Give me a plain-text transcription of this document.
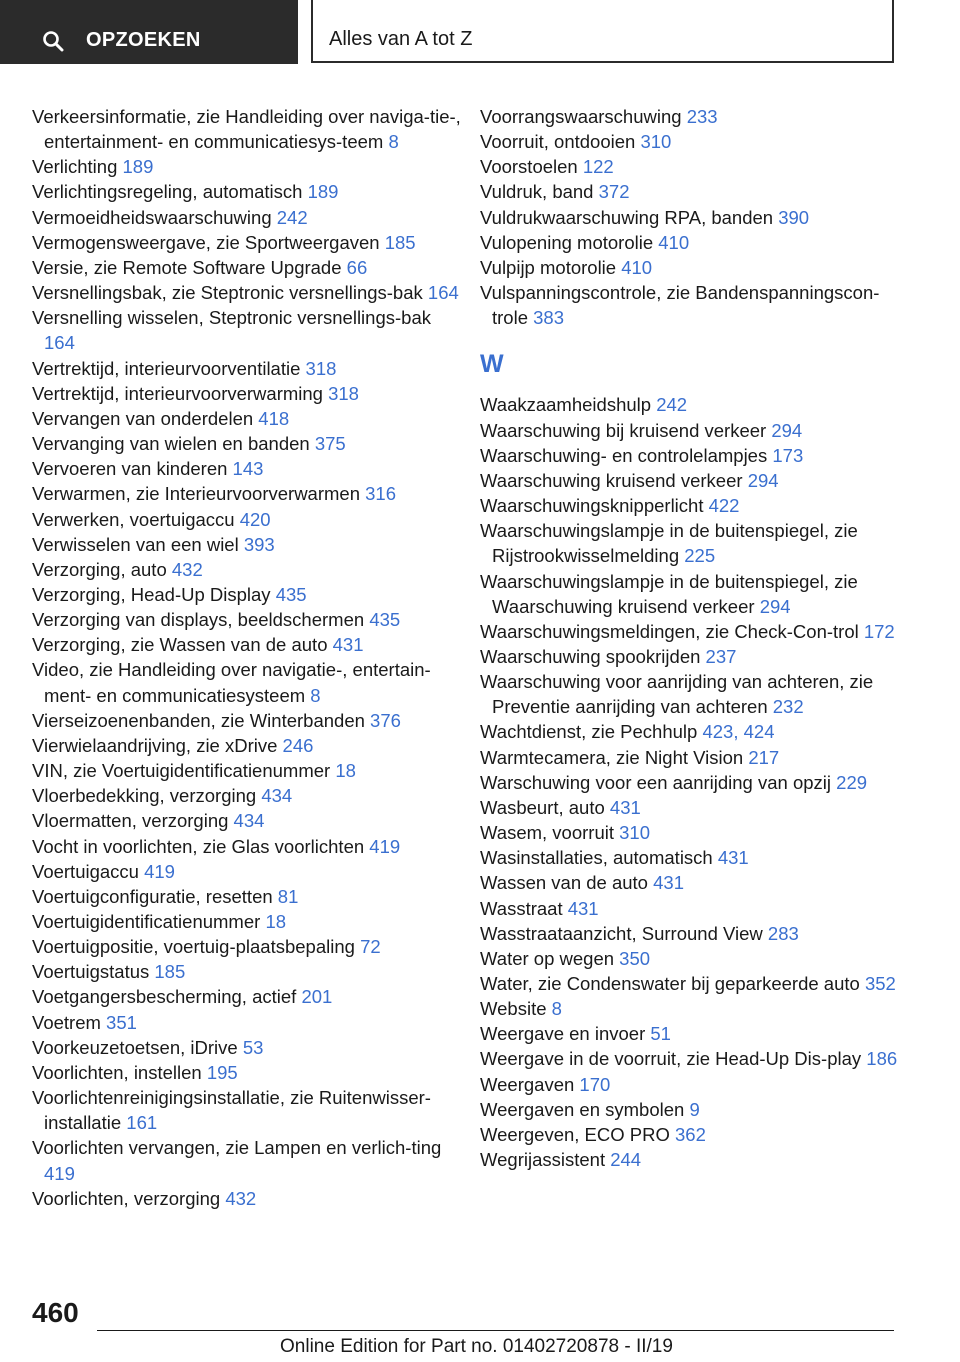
OPZOEKEN	Alles van A tot Z
Verkeersinformatie, zie Handleiding over naviga-tie-, entertainment- en communicatiesys-teem 8
Verlichting 189
Verlichtingsregeling, automatisch 189
Vermoeidheidswaarschuwing 242
Vermogensweergave, zie Sportweergaven 185
Versie, zie Remote Software Upgrade 66
Versnellingsbak, zie Steptronic versnellings-bak 164
Versnelling wisselen, Steptronic versnellings-bak 164
Vertrektijd, interieurvoorventilatie 318
Vertrektijd, interieurvoorverwarming 318
Vervangen van onderdelen 418
Vervanging van wielen en banden 375
Vervoeren van kinderen 143
Verwarmen, zie Interieurvoorverwarmen 316
Verwerken, voertuigaccu 420
Verwisselen van een wiel 393
Verzorging, auto 432
Verzorging, Head-Up Display 435
Verzorging van displays, beeldschermen 435
Verzorging, zie Wassen van de auto 431
Video, zie Handleiding over navigatie-, entertain-ment- en communicatiesysteem 8
Vierseizoenenbanden, zie Winterbanden 376
Vierwielaandrijving, zie xDrive 246
VIN, zie Voertuigidentificatienummer 18
Vloerbedekking, verzorging 434
Vloermatten, verzorging 434
Vocht in voorlichten, zie Glas voorlichten 419
Voertuigaccu 419
Voertuigconfiguratie, resetten 81
Voertuigidentificatienummer 18
Voertuigpositie, voertuig-plaatsbepaling 72
Voertuigstatus 185
Voetgangersbescherming, actief 201
Voetrem 351
Voorkeuzetoetsen, iDrive 53
Voorlichten, instellen 195
Voorlichtenreinigingsinstallatie, zie Ruitenwisser-installatie 161
Voorlichten vervangen, zie Lampen en verlich-ting 419
Voorlichten, verzorging 432
Voorrangswaarschuwing 233
Voorruit, ontdooien 310
Voorstoelen 122
Vuldruk, band 372
Vuldrukwaarschuwing RPA, banden 390
Vulopening motorolie 410
Vulpijp motorolie 410
Vulspanningscontrole, zie Bandenspanningscon-trole 383
W
Waakzaamheidshulp 242
Waarschuwing bij kruisend verkeer 294
Waarschuwing- en controlelampjes 173
Waarschuwing kruisend verkeer 294
Waarschuwingsknipperlicht 422
Waarschuwingslampje in de buitenspiegel, zie Rijstrookwisselmelding 225
Waarschuwingslampje in de buitenspiegel, zie Waarschuwing kruisend verkeer 294
Waarschuwingsmeldingen, zie Check-Con-trol 172
Waarschuwing spookrijden 237
Waarschuwing voor aanrijding van achteren, zie Preventie aanrijding van achteren 232
Wachtdienst, zie Pechhulp 423, 424
Warmtecamera, zie Night Vision 217
Warschuwing voor een aanrijding van opzij 229
Wasbeurt, auto 431
Wasem, voorruit 310
Wasinstallaties, automatisch 431
Wassen van de auto 431
Wasstraat 431
Wasstraataanzicht, Surround View 283
Water op wegen 350
Water, zie Condenswater bij geparkeerde auto 352
Website 8
Weergave en invoer 51
Weergave in de voorruit, zie Head-Up Dis-play 186
Weergaven 170
Weergaven en symbolen 9
Weergeven, ECO PRO 362
Wegrijassistent 244
460
Online Edition for Part no. 01402720878 - II/19
